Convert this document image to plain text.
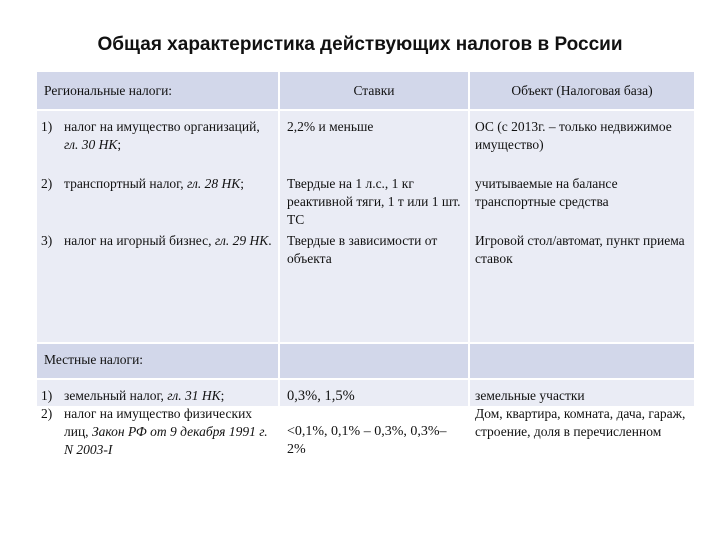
Общая характеристика действующих налогов в России
Региональные налоги:	Ставки	Объект (Налоговая база)
1) налог на имущество организаций, гл. 30 НК;
2) транспортный налог, гл. 28 НК;
3) налог на игорный бизнес, гл. 29 НК.
2,2% и меньше
Твердые на 1 л.с., 1 кг реактивной тяги, 1 т или 1 шт. ТС
Твердые в зависимости от объекта
ОС (с 2013г. – только недвижимое имущество)
учитываемые на балансе транспортные средства
Игровой стол/автомат, пункт приема ставок
Местные налоги:
1) земельный налог, гл. 31 НК;
2) налог на имущество физических лиц, Закон РФ от 9 декабря 1991 г. N 2003-I
0,3%, 1,5%
<0,1%, 0,1% – 0,3%, 0,3%– 2%
земельные участки
Дом, квартира, комната, дача, гараж, строение, доля в перечисленном
